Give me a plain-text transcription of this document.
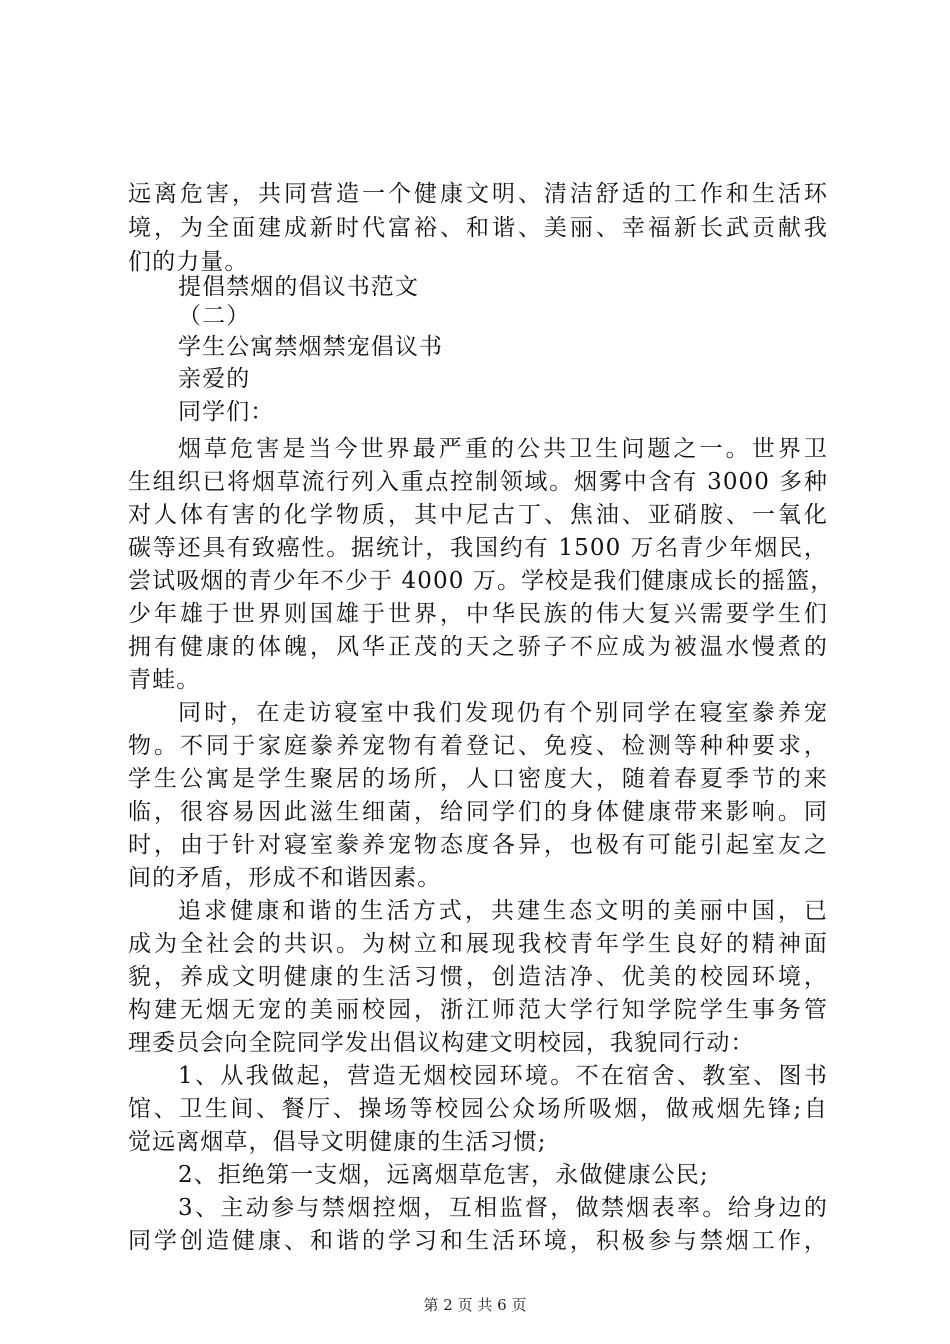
远离危害，共同营造一个健康文明、清洁舒适的工作和生活环
境，为全面建成新时代富裕、和谐、美丽、幸福新长武贡献我
们的力量。
提倡禁烟的倡议书范文
（二）
学生公寓禁烟禁宠倡议书
亲爱的
同学们：
烟草危害是当今世界最严重的公共卫生问题之一。世界卫
生组织已将烟草流行列入重点控制领域。烟雾中含有 3000 多种
对人体有害的化学物质，其中尼古丁、焦油、亚硝胺、一氧化
碳等还具有致癌性。据统计，我国约有 1500 万名青少年烟民，
尝试吸烟的青少年不少于 4000 万。学校是我们健康成长的摇篮，
少年雄于世界则国雄于世界，中华民族的伟大复兴需要学生们
拥有健康的体魄，风华正茂的天之骄子不应成为被温水慢煮的
青蛙。
同时，在走访寝室中我们发现仍有个别同学在寝室豢养宠
物。不同于家庭豢养宠物有着登记、免疫、检测等种种要求，
学生公寓是学生聚居的场所，人口密度大，随着春夏季节的来
临，很容易因此滋生细菌，给同学们的身体健康带来影响。同
时，由于针对寝室豢养宠物态度各异，也极有可能引起室友之
间的矛盾，形成不和谐因素。
追求健康和谐的生活方式，共建生态文明的美丽中国，已
成为全社会的共识。为树立和展现我校青年学生良好的精神面
貌，养成文明健康的生活习惯，创造洁净、优美的校园环境，
构建无烟无宠的美丽校园，浙江师范大学行知学院学生事务管
理委员会向全院同学发出倡议构建文明校园，我貌同行动：
1、从我做起，营造无烟校园环境。不在宿舍、教室、图书
馆、卫生间、餐厅、操场等校园公众场所吸烟，做戒烟先锋;自
觉远离烟草，倡导文明健康的生活习惯;
2、拒绝第一支烟，远离烟草危害，永做健康公民;
3、主动参与禁烟控烟，互相监督，做禁烟表率。给身边的
同学创造健康、和谐的学习和生活环境，积极参与禁烟工作，
第 2 页 共 6 页
